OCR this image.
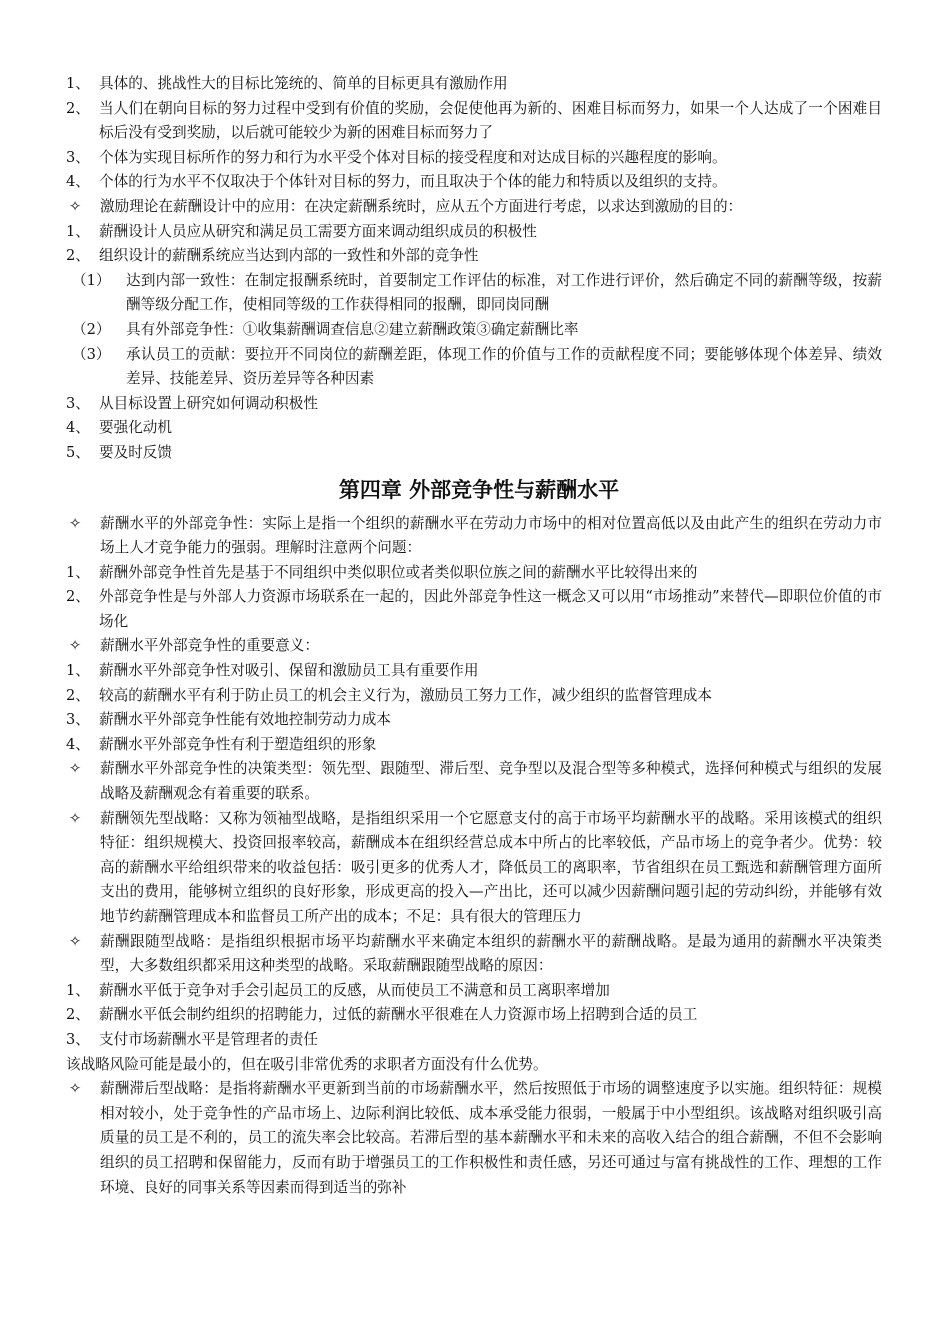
1、 具体的、挑战性大的目标比笼统的、简单的目标更具有激励作用
2、 当人们在朝向目标的努力过程中受到有价值的奖励，会促使他再为新的、困难目标而努力，如果一个人达成了一个困难目标后没有受到奖励，以后就可能较少为新的困难目标而努力了
3、 个体为实现目标所作的努力和行为水平受个体对目标的接受程度和对达成目标的兴趣程度的影响。
4、 个体的行为水平不仅取决于个体针对目标的努力，而且取决于个体的能力和特质以及组织的支持。
✧	激励理论在薪酬设计中的应用：在决定薪酬系统时，应从五个方面进行考虑，以求达到激励的目的：
1、 薪酬设计人员应从研究和满足员工需要方面来调动组织成员的积极性
2、 组织设计的薪酬系统应当达到内部的一致性和外部的竞争性
（1）	达到内部一致性：在制定报酬系统时，首要制定工作评估的标准，对工作进行评价，然后确定不同的薪酬等级，按薪酬等级分配工作，使相同等级的工作获得相同的报酬，即同岗同酬
（2）	具有外部竞争性：①收集薪酬调查信息②建立薪酬政策③确定薪酬比率
（3）	承认员工的贡献：要拉开不同岗位的薪酬差距，体现工作的价值与工作的贡献程度不同；要能够体现个体差异、绩效差异、技能差异、资历差异等各种因素
3、 从目标设置上研究如何调动积极性
4、 要强化动机
5、 要及时反馈
第四章 外部竞争性与薪酬水平
✧	薪酬水平的外部竞争性：实际上是指一个组织的薪酬水平在劳动力市场中的相对位置高低以及由此产生的组织在劳动力市场上人才竞争能力的强弱。理解时注意两个问题：
1、 薪酬外部竞争性首先是基于不同组织中类似职位或者类似职位族之间的薪酬水平比较得出来的
2、 外部竞争性是与外部人力资源市场联系在一起的，因此外部竞争性这一概念又可以用“市场推动”来替代—即职位价值的市场化
✧	薪酬水平外部竞争性的重要意义：
1、 薪酬水平外部竞争性对吸引、保留和激励员工具有重要作用
2、 较高的薪酬水平有利于防止员工的机会主义行为，激励员工努力工作，减少组织的监督管理成本
3、 薪酬水平外部竞争性能有效地控制劳动力成本
4、 薪酬水平外部竞争性有利于塑造组织的形象
✧	薪酬水平外部竞争性的决策类型：领先型、跟随型、滞后型、竞争型以及混合型等多种模式，选择何种模式与组织的发展战略及薪酬观念有着重要的联系。
✧	薪酬领先型战略：又称为领袖型战略，是指组织采用一个它愿意支付的高于市场平均薪酬水平的战略。采用该模式的组织特征：组织规模大、投资回报率较高，薪酬成本在组织经营总成本中所占的比率较低，产品市场上的竞争者少。优势：较高的薪酬水平给组织带来的收益包括：吸引更多的优秀人才，降低员工的离职率，节省组织在员工甄选和薪酬管理方面所支出的费用，能够树立组织的良好形象，形成更高的投入—产出比，还可以减少因薪酬问题引起的劳动纠纷，并能够有效地节约薪酬管理成本和监督员工所产出的成本；不足：具有很大的管理压力
✧	薪酬跟随型战略：是指组织根据市场平均薪酬水平来确定本组织的薪酬水平的薪酬战略。是最为通用的薪酬水平决策类型，大多数组织都采用这种类型的战略。采取薪酬跟随型战略的原因：
1、 薪酬水平低于竞争对手会引起员工的反感，从而使员工不满意和员工离职率增加
2、 薪酬水平低会制约组织的招聘能力，过低的薪酬水平很难在人力资源市场上招聘到合适的员工
3、 支付市场薪酬水平是管理者的责任
该战略风险可能是最小的，但在吸引非常优秀的求职者方面没有什么优势。
✧	薪酬滞后型战略：是指将薪酬水平更新到当前的市场薪酬水平，然后按照低于市场的调整速度予以实施。组织特征：规模相对较小，处于竞争性的产品市场上、边际利润比较低、成本承受能力很弱，一般属于中小型组织。该战略对组织吸引高质量的员工是不利的，员工的流失率会比较高。若滞后型的基本薪酬水平和未来的高收入结合的组合薪酬，不但不会影响组织的员工招聘和保留能力，反而有助于增强员工的工作积极性和责任感，另还可通过与富有挑战性的工作、理想的工作环境、良好的同事关系等因素而得到适当的弥补
